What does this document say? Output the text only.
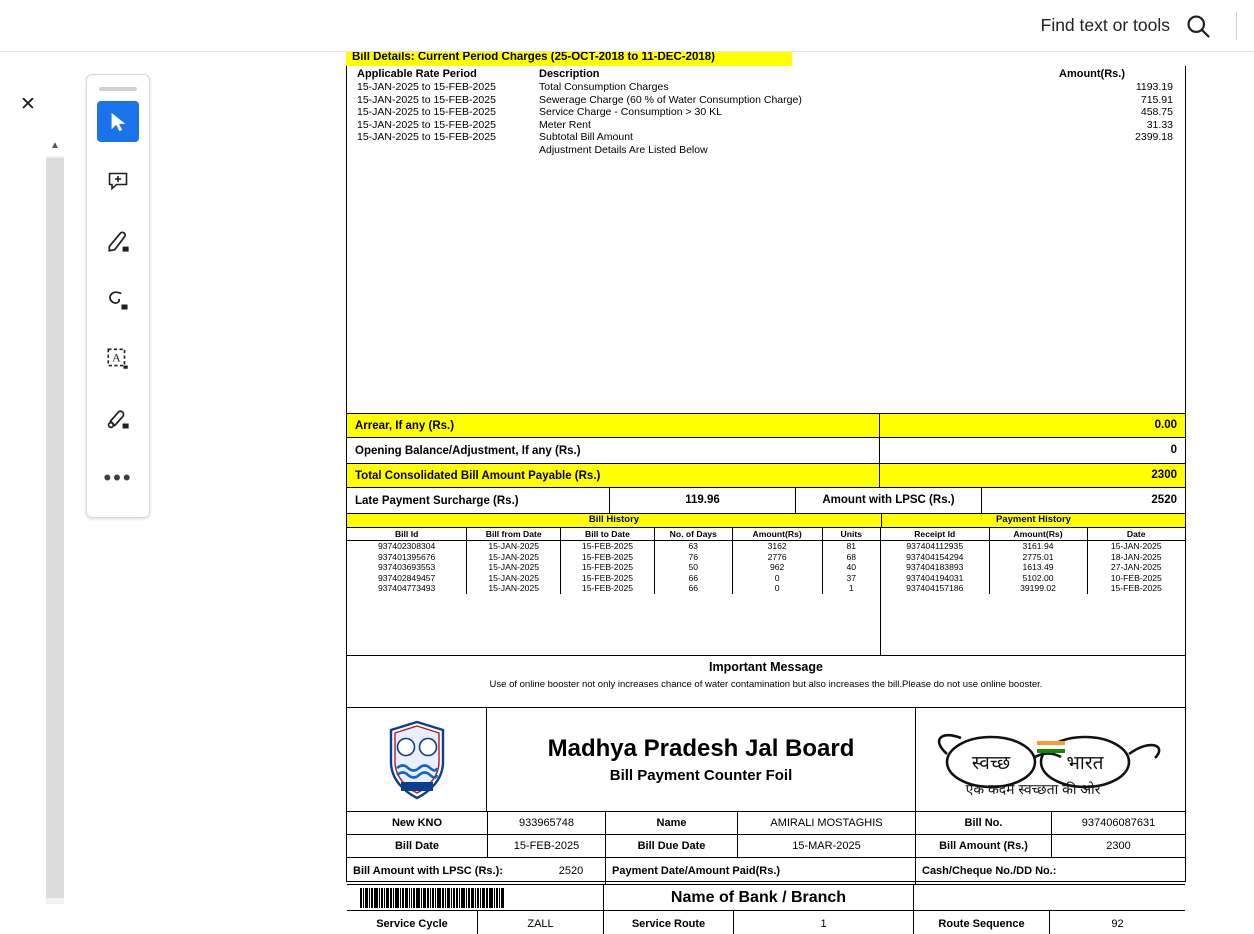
Find text or tools
✕
▲
A
•••
Bill Details: Current Period Charges (25-OCT-2018 to 11-DEC-2018)
Applicable Rate Period	Description	Amount(Rs.)
15-JAN-2025 to 15-FEB-2025	Total Consumption Charges	1193.19
15-JAN-2025 to 15-FEB-2025	Sewerage Charge (60 % of Water Consumption Charge)	715.91
15-JAN-2025 to 15-FEB-2025	Service Charge - Consumption > 30 KL	458.75
15-JAN-2025 to 15-FEB-2025	Meter Rent	31.33
15-JAN-2025 to 15-FEB-2025	Subtotal Bill Amount	2399.18
	Adjustment Details Are Listed Below	
Arrear, If any (Rs.)	0.00
Opening Balance/Adjustment, If any (Rs.)	0
Total Consolidated Bill Amount Payable (Rs.)	2300
Late Payment Surcharge (Rs.)	119.96	Amount with LPSC (Rs.)	2520
Bill History	Payment History
Bill Id	Bill from Date	Bill to Date	No. of Days	Amount(Rs)	Units
937402308304	15-JAN-2025	15-FEB-2025	63	3162	81
937401395676	15-JAN-2025	15-FEB-2025	76	2776	68
937403693553	15-JAN-2025	15-FEB-2025	50	962	40
937402849457	15-JAN-2025	15-FEB-2025	66	0	37
937404773493	15-JAN-2025	15-FEB-2025	66	0	1
Receipt Id	Amount(Rs)	Date
937404112935	3161.94	15-JAN-2025
937404154294	2775.01	18-JAN-2025
937404183893	1613.49	27-JAN-2025
937404194031	5102.00	10-FEB-2025
937404157186	39199.02	15-FEB-2025
Important Message
Use of online booster not only increases chance of water contamination but also increases the bill.Please do not use online booster.
Madhya Pradesh Jal Board
Bill Payment Counter Foil
स्वच्छ	भारत
एक कदम स्वच्छता की ओर
New KNO	933965748	Name	AMIRALI MOSTAGHIS	Bill No.	937406087631
Bill Date	15-FEB-2025	Bill Due Date	15-MAR-2025	Bill Amount (Rs.)	2300
Bill Amount with LPSC (Rs.):	2520	Payment Date/Amount Paid(Rs.)	Cash/Cheque No./DD No.:
Name of Bank / Branch
Service Cycle	ZALL	Service Route	1	Route Sequence	92
